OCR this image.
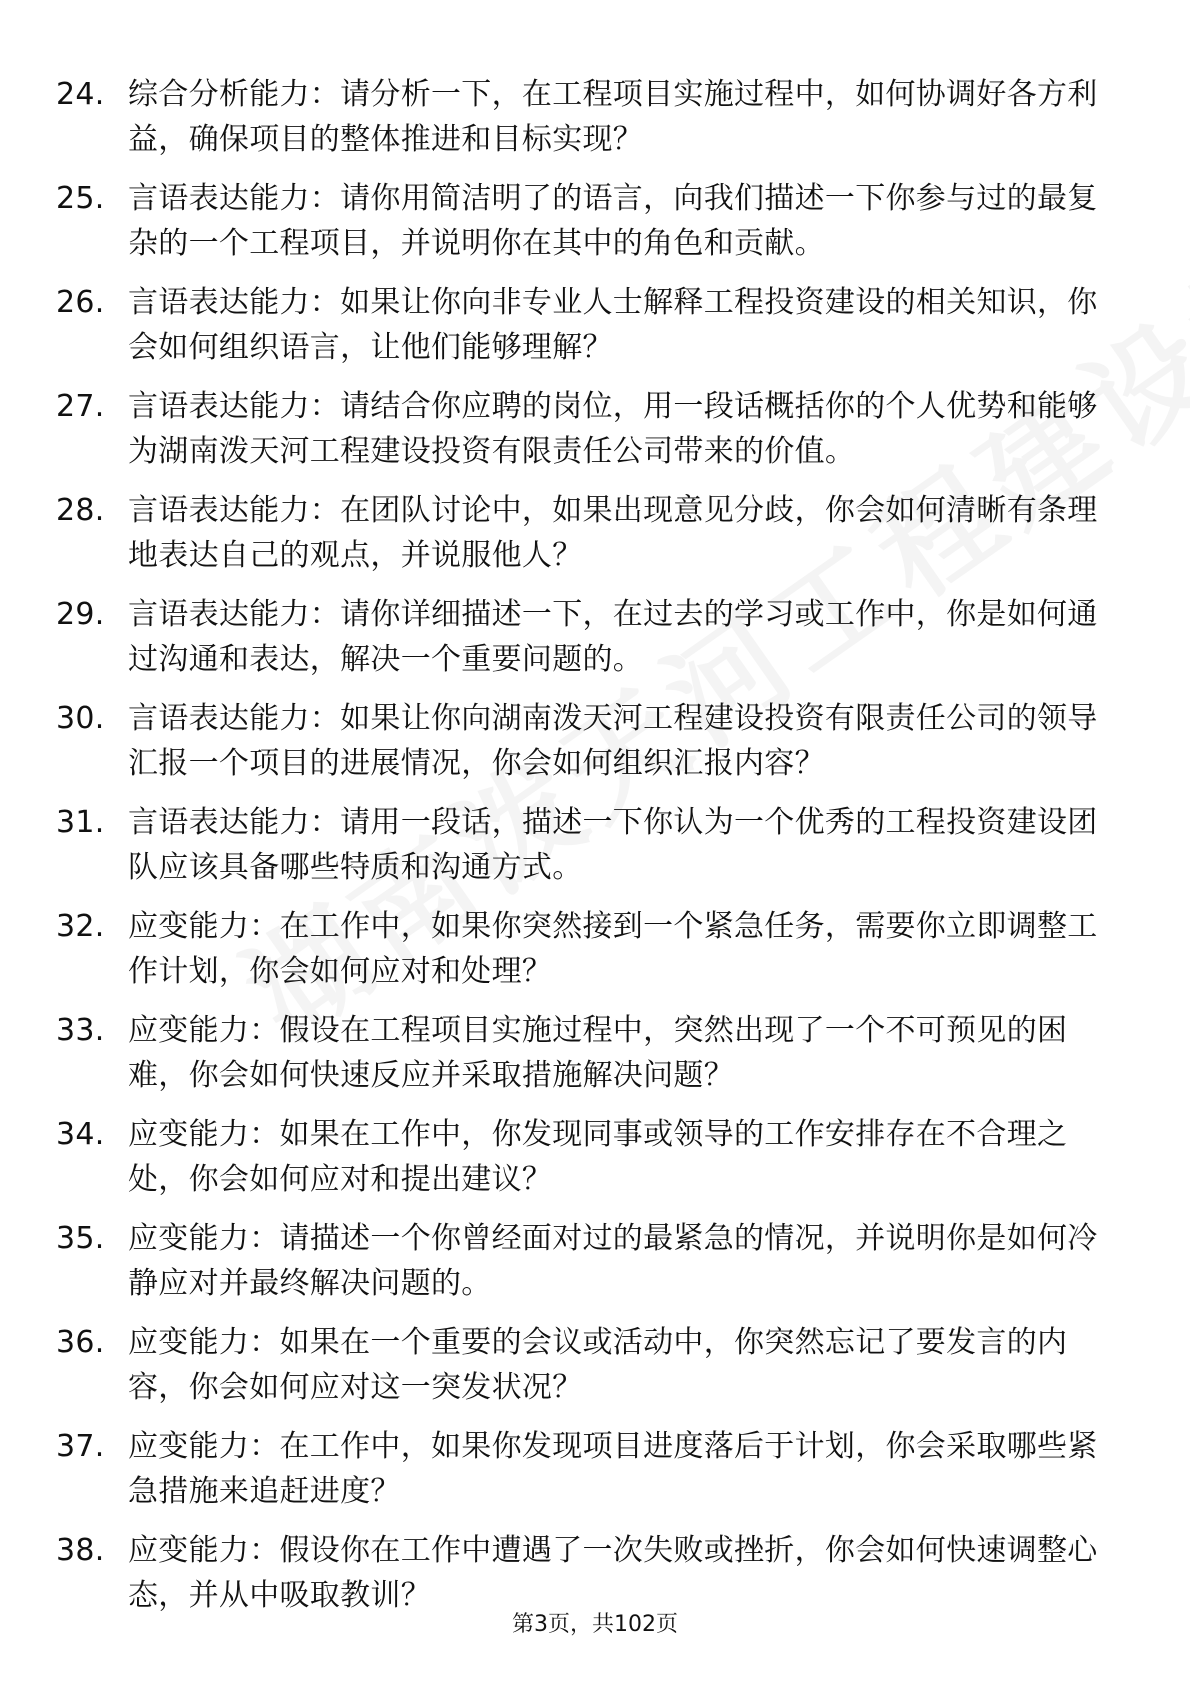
24. 综合分析能力：请分析一下，在工程项目实施过程中，如何协调好各方利益，确保项目的整体推进和目标实现？
25. 言语表达能力：请你用简洁明了的语言，向我们描述一下你参与过的最复杂的一个工程项目，并说明你在其中的角色和贡献。
26. 言语表达能力：如果让你向非专业人士解释工程投资建设的相关知识，你会如何组织语言，让他们能够理解？
27. 言语表达能力：请结合你应聘的岗位，用一段话概括你的个人优势和能够为湖南泼天河工程建设投资有限责任公司带来的价值。
28. 言语表达能力：在团队讨论中，如果出现意见分歧，你会如何清晰有条理地表达自己的观点，并说服他人？
29. 言语表达能力：请你详细描述一下，在过去的学习或工作中，你是如何通过沟通和表达，解决一个重要问题的。
30. 言语表达能力：如果让你向湖南泼天河工程建设投资有限责任公司的领导汇报一个项目的进展情况，你会如何组织汇报内容？
31. 言语表达能力：请用一段话，描述一下你认为一个优秀的工程投资建设团队应该具备哪些特质和沟通方式。
32. 应变能力：在工作中，如果你突然接到一个紧急任务，需要你立即调整工作计划，你会如何应对和处理？
33. 应变能力：假设在工程项目实施过程中，突然出现了一个不可预见的困难，你会如何快速反应并采取措施解决问题？
34. 应变能力：如果在工作中，你发现同事或领导的工作安排存在不合理之处，你会如何应对和提出建议？
35. 应变能力：请描述一个你曾经面对过的最紧急的情况，并说明你是如何冷静应对并最终解决问题的。
36. 应变能力：如果在一个重要的会议或活动中，你突然忘记了要发言的内容，你会如何应对这一突发状况？
37. 应变能力：在工作中，如果你发现项目进度落后于计划，你会采取哪些紧急措施来追赶进度？
38. 应变能力：假设你在工作中遭遇了一次失败或挫折，你会如何快速调整心态，并从中吸取教训？
第3页，共102页
